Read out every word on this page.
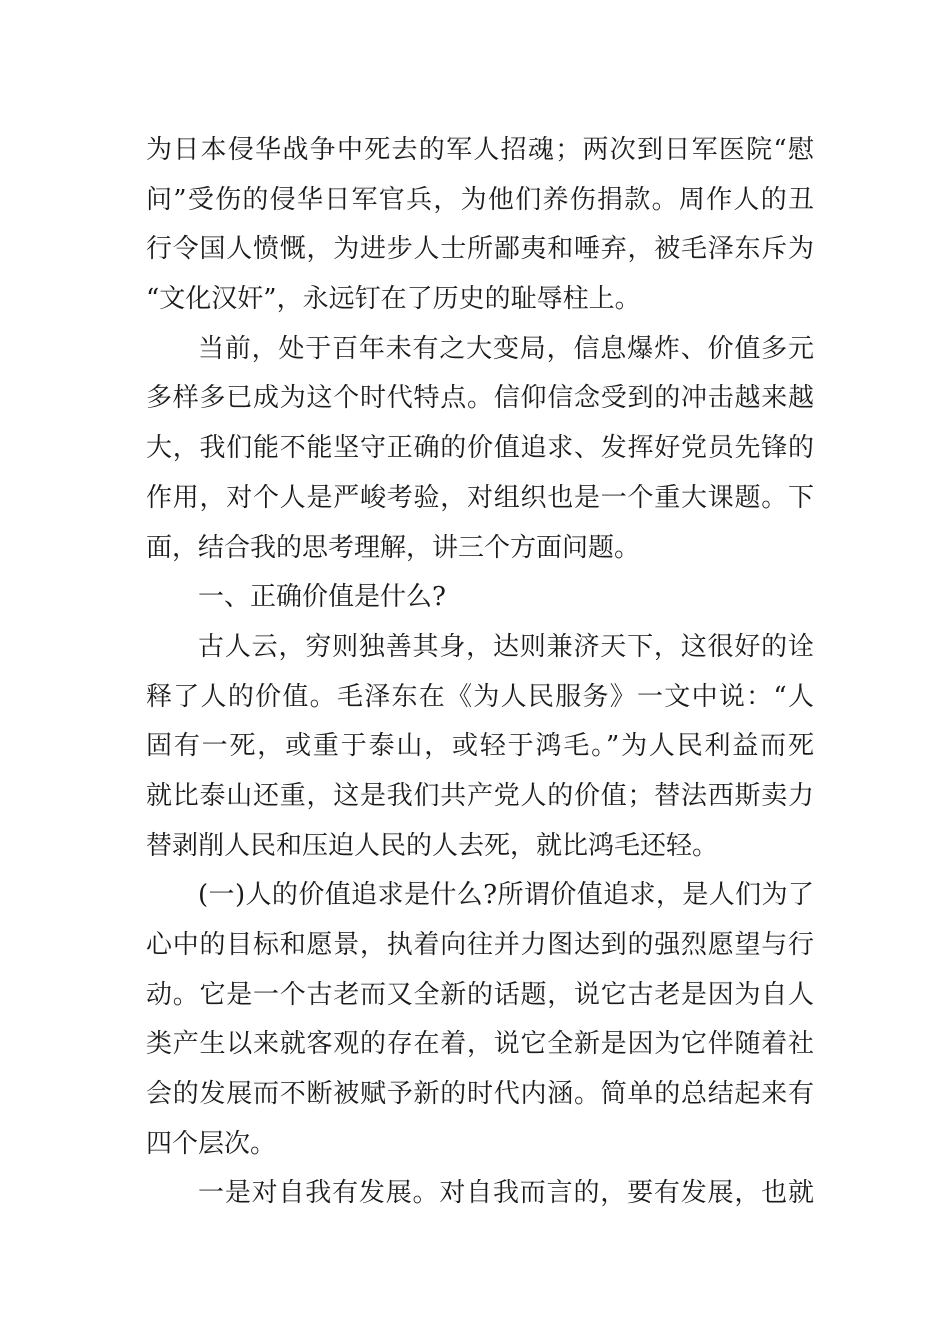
为日本侵华战争中死去的军人招魂；两次到日军医院“慰
问”受伤的侵华日军官兵，为他们养伤捐款。周作人的丑
行令国人愤慨，为进步人士所鄙夷和唾弃，被毛泽东斥为
“文化汉奸”，永远钉在了历史的耻辱柱上。
当前，处于百年未有之大变局，信息爆炸、价值多元
多样多已成为这个时代特点。信仰信念受到的冲击越来越
大，我们能不能坚守正确的价值追求、发挥好党员先锋的
作用，对个人是严峻考验，对组织也是一个重大课题。下
面，结合我的思考理解，讲三个方面问题。
一、正确价值是什么?
古人云，穷则独善其身，达则兼济天下，这很好的诠
释了人的价值。毛泽东在《为人民服务》一文中说：“人
固有一死，或重于泰山，或轻于鸿毛。”为人民利益而死
就比泰山还重，这是我们共产党人的价值；替法西斯卖力
替剥削人民和压迫人民的人去死，就比鸿毛还轻。
(一)人的价值追求是什么?所谓价值追求，是人们为了
心中的目标和愿景，执着向往并力图达到的强烈愿望与行
动。它是一个古老而又全新的话题，说它古老是因为自人
类产生以来就客观的存在着，说它全新是因为它伴随着社
会的发展而不断被赋予新的时代内涵。简单的总结起来有
四个层次。
一是对自我有发展。对自我而言的，要有发展，也就
